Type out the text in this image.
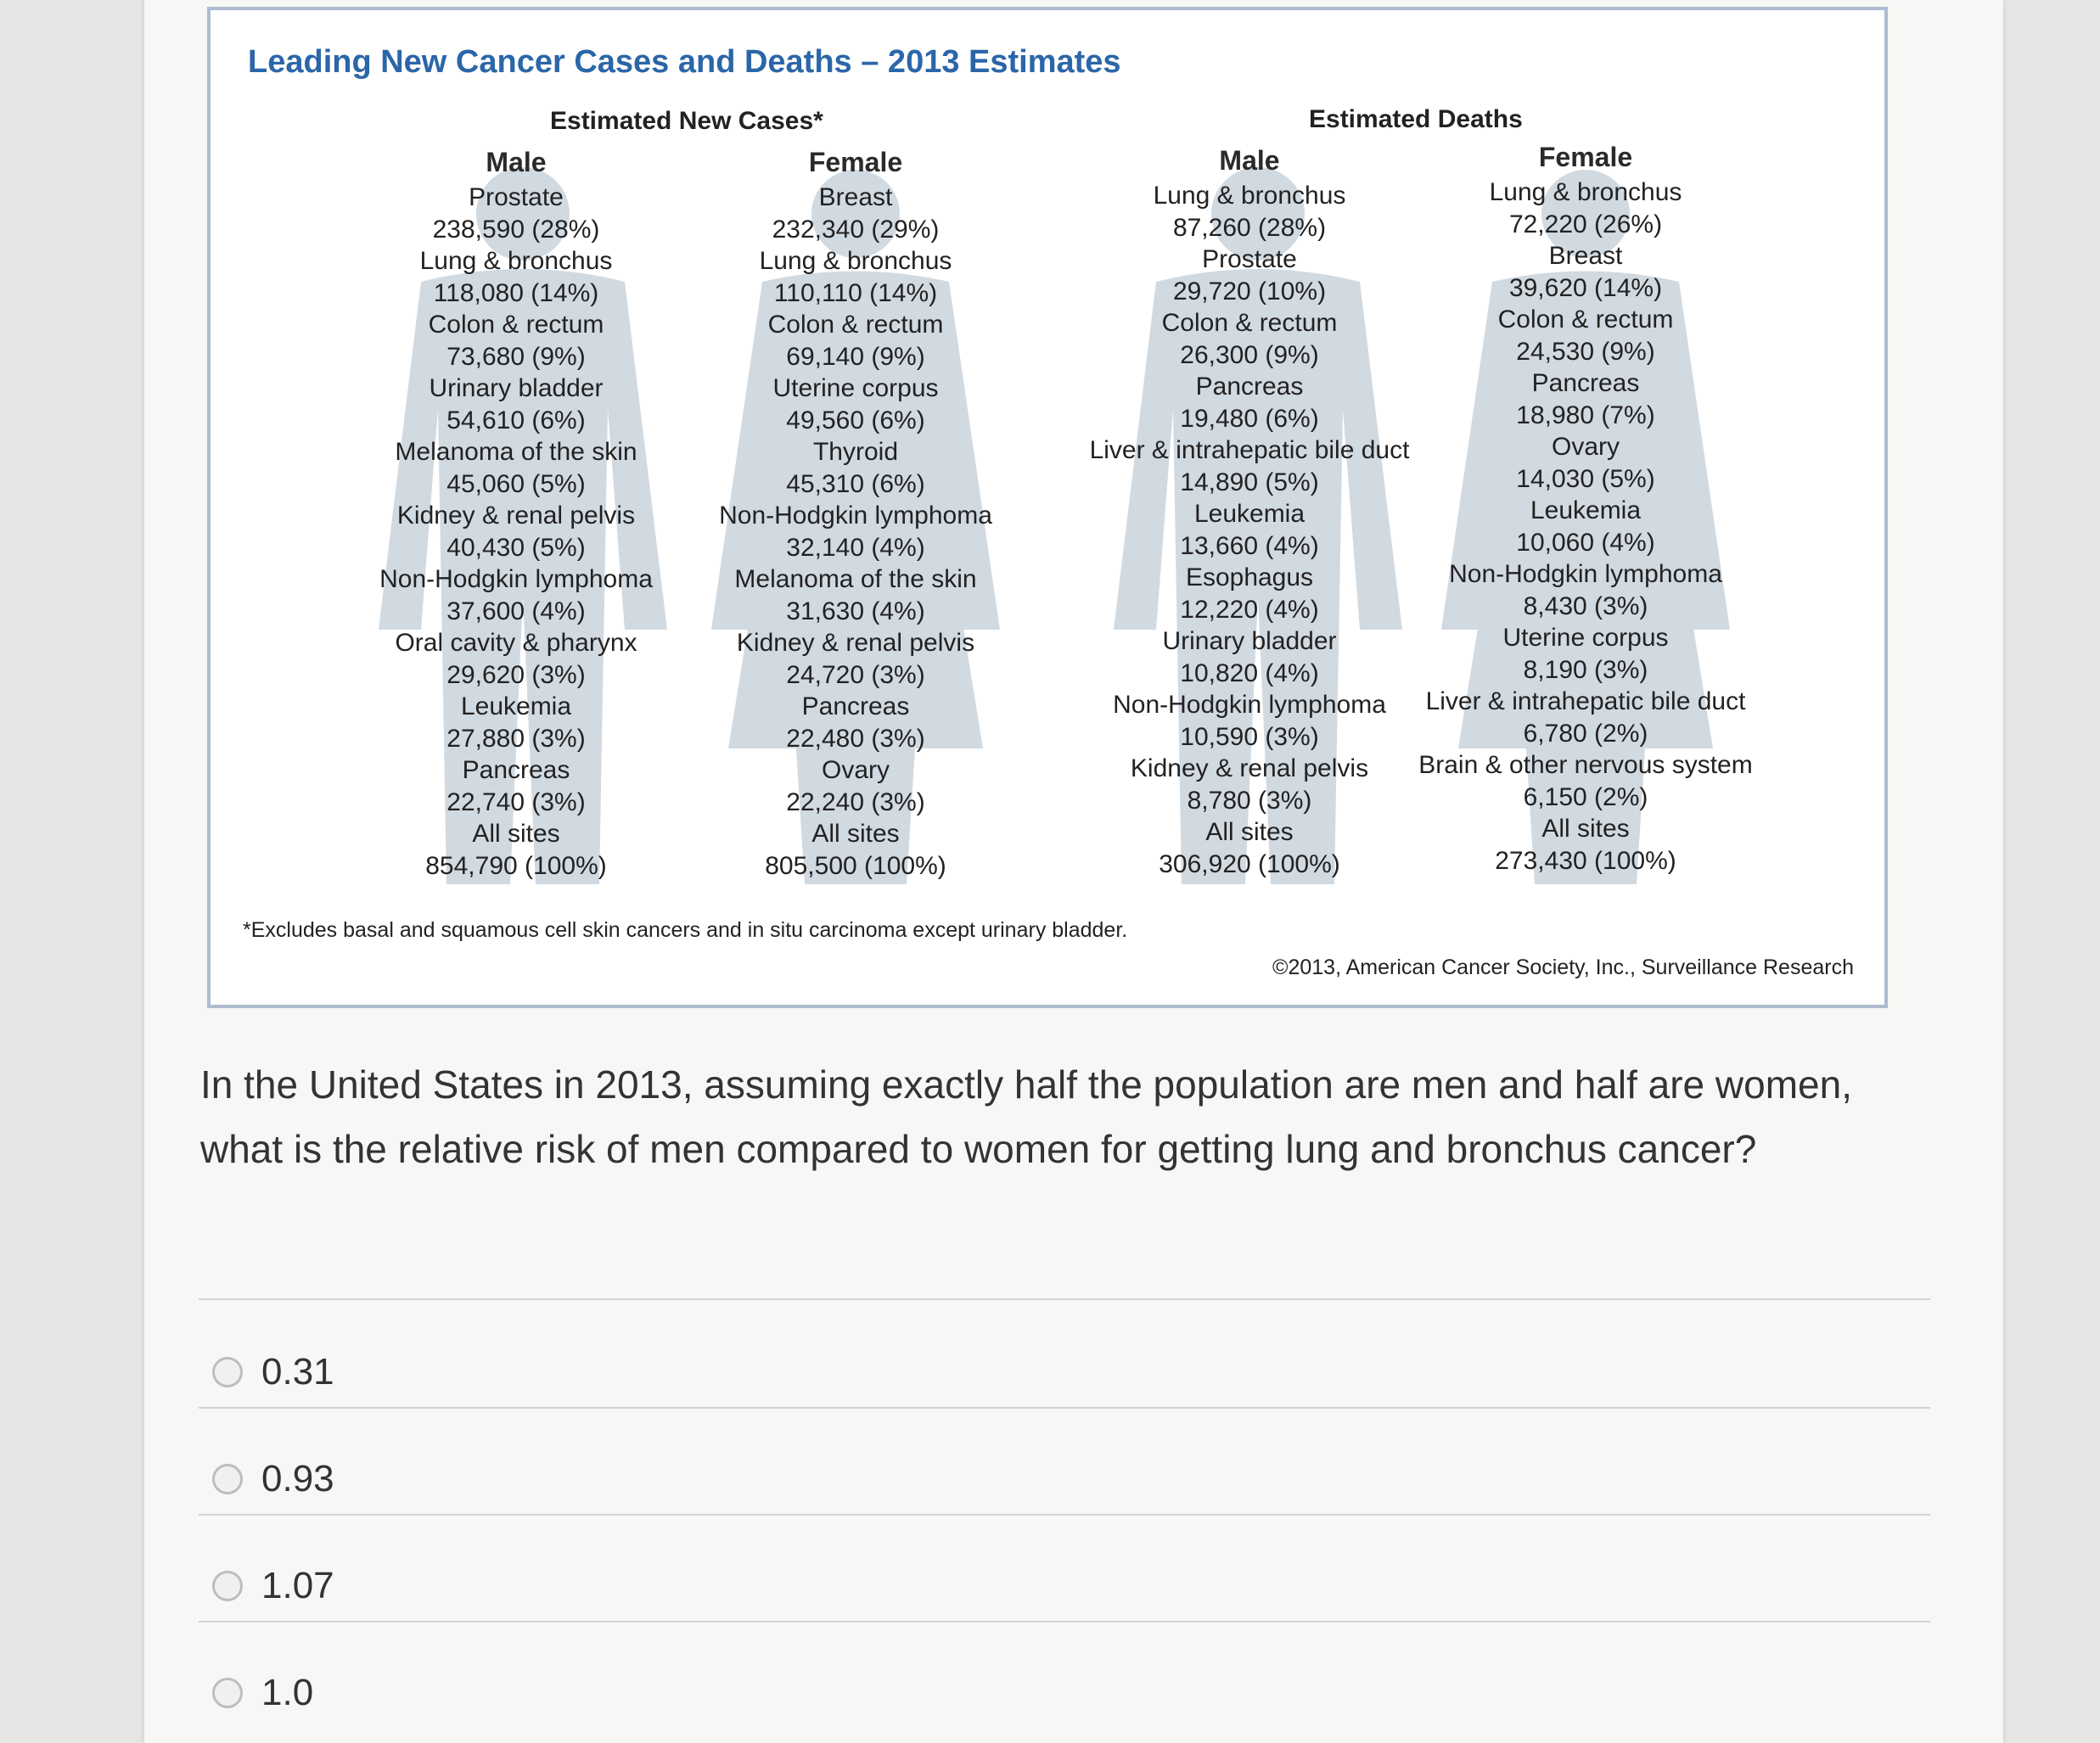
Leading New Cancer Cases and Deaths – 2013 Estimates
Estimated New Cases*	Estimated Deaths
Male
Prostate
238,590 (28%)
Lung & bronchus
118,080 (14%)
Colon & rectum
73,680 (9%)
Urinary bladder
54,610 (6%)
Melanoma of the skin
45,060 (5%)
Kidney & renal pelvis
40,430 (5%)
Non-Hodgkin lymphoma
37,600 (4%)
Oral cavity & pharynx
29,620 (3%)
Leukemia
27,880 (3%)
Pancreas
22,740 (3%)
All sites
854,790 (100%)
Female
Breast
232,340 (29%)
Lung & bronchus
110,110 (14%)
Colon & rectum
69,140 (9%)
Uterine corpus
49,560 (6%)
Thyroid
45,310 (6%)
Non-Hodgkin lymphoma
32,140 (4%)
Melanoma of the skin
31,630 (4%)
Kidney & renal pelvis
24,720 (3%)
Pancreas
22,480 (3%)
Ovary
22,240 (3%)
All sites
805,500 (100%)
Male
Lung & bronchus
87,260 (28%)
Prostate
29,720 (10%)
Colon & rectum
26,300 (9%)
Pancreas
19,480 (6%)
Liver & intrahepatic bile duct
14,890 (5%)
Leukemia
13,660 (4%)
Esophagus
12,220 (4%)
Urinary bladder
10,820 (4%)
Non-Hodgkin lymphoma
10,590 (3%)
Kidney & renal pelvis
8,780 (3%)
All sites
306,920 (100%)
Female
Lung & bronchus
72,220 (26%)
Breast
39,620 (14%)
Colon & rectum
24,530 (9%)
Pancreas
18,980 (7%)
Ovary
14,030 (5%)
Leukemia
10,060 (4%)
Non-Hodgkin lymphoma
8,430 (3%)
Uterine corpus
8,190 (3%)
Liver & intrahepatic bile duct
6,780 (2%)
Brain & other nervous system
6,150 (2%)
All sites
273,430 (100%)
*Excludes basal and squamous cell skin cancers and in situ carcinoma except urinary bladder.
©2013, American Cancer Society, Inc., Surveillance Research

In the United States in 2013, assuming exactly half the population are men and half are women, what is the relative risk of men compared to women for getting lung and bronchus cancer?

0.31
0.93
1.07
1.0
